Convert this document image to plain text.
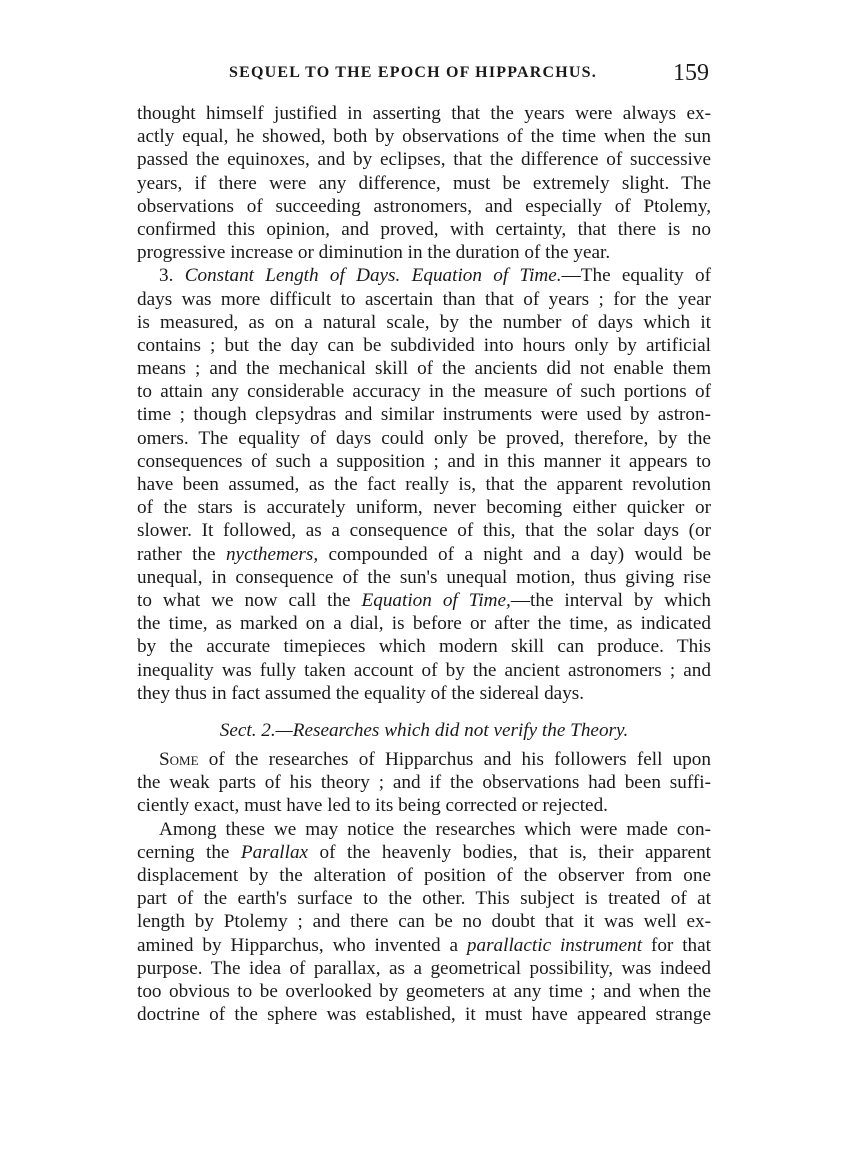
SEQUEL TO THE EPOCH OF HIPPARCHUS.	159
thought himself justified in asserting that the years were always ex-
actly equal, he showed, both by observations of the time when the sun
passed the equinoxes, and by eclipses, that the difference of successive
years, if there were any difference, must be extremely slight. The
observations of succeeding astronomers, and especially of Ptolemy,
confirmed this opinion, and proved, with certainty, that there is no
progressive increase or diminution in the duration of the year.
3. Constant Length of Days. Equation of Time.—The equality of
days was more difficult to ascertain than that of years ; for the year
is measured, as on a natural scale, by the number of days which it
contains ; but the day can be subdivided into hours only by artificial
means ; and the mechanical skill of the ancients did not enable them
to attain any considerable accuracy in the measure of such portions of
time ; though clepsydras and similar instruments were used by astron-
omers. The equality of days could only be proved, therefore, by the
consequences of such a supposition ; and in this manner it appears to
have been assumed, as the fact really is, that the apparent revolution
of the stars is accurately uniform, never becoming either quicker or
slower. It followed, as a consequence of this, that the solar days (or
rather the nycthemers, compounded of a night and a day) would be
unequal, in consequence of the sun's unequal motion, thus giving rise
to what we now call the Equation of Time,—the interval by which
the time, as marked on a dial, is before or after the time, as indicated
by the accurate timepieces which modern skill can produce. This
inequality was fully taken account of by the ancient astronomers ; and
they thus in fact assumed the equality of the sidereal days.
Sect. 2.—Researches which did not verify the Theory.
Some of the researches of Hipparchus and his followers fell upon
the weak parts of his theory ; and if the observations had been suffi-
ciently exact, must have led to its being corrected or rejected.
Among these we may notice the researches which were made con-
cerning the Parallax of the heavenly bodies, that is, their apparent
displacement by the alteration of position of the observer from one
part of the earth's surface to the other. This subject is treated of at
length by Ptolemy ; and there can be no doubt that it was well ex-
amined by Hipparchus, who invented a parallactic instrument for that
purpose. The idea of parallax, as a geometrical possibility, was indeed
too obvious to be overlooked by geometers at any time ; and when the
doctrine of the sphere was established, it must have appeared strange
